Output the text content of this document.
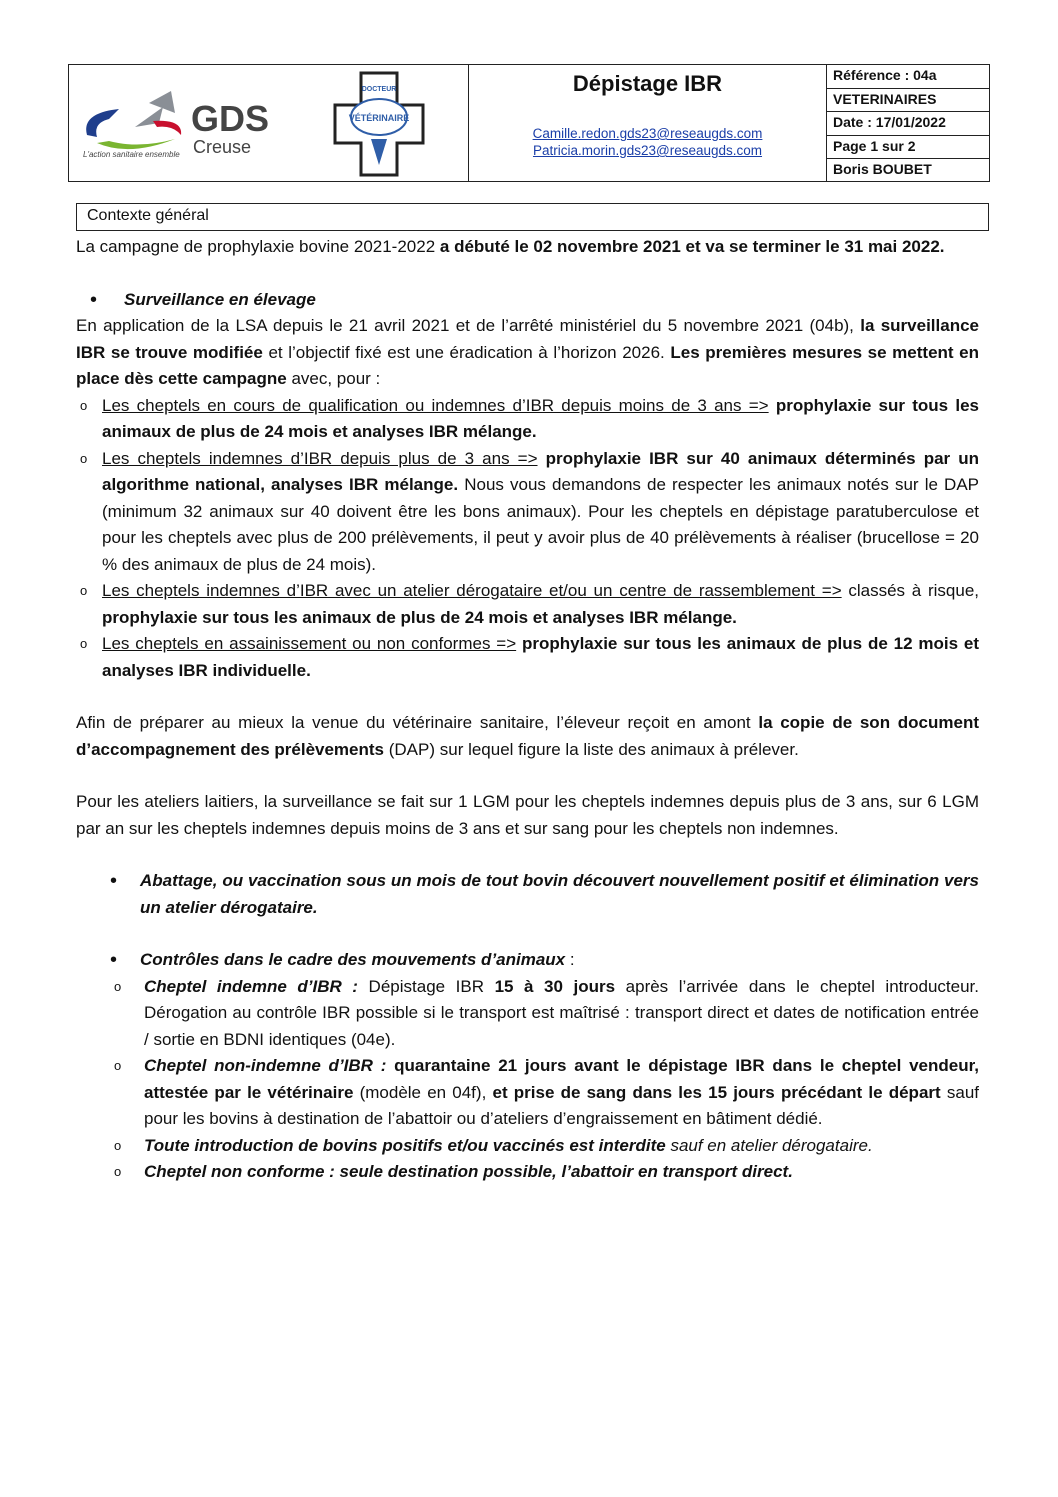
GDS
Creuse
L'action sanitaire ensemble
DOCTEUR
VÉTÉRINAIRE
Dépistage IBR
Camille.redon.gds23@reseaugds.com
Patricia.morin.gds23@reseaugds.com
Référence : 04a
VETERINAIRES
Date : 17/01/2022
Page 1 sur 2
Boris BOUBET
Contexte général

La campagne de prophylaxie bovine 2021-2022 a débuté le 02 novembre 2021 et va se terminer le 31 mai 2022.

• Surveillance en élevage

En application de la LSA depuis le 21 avril 2021 et de l’arrêté ministériel du 5 novembre 2021 (04b), la surveillance IBR se trouve modifiée et l’objectif fixé est une éradication à l’horizon 2026. Les premières mesures se mettent en place dès cette campagne avec, pour :

o Les cheptels en cours de qualification ou indemnes d’IBR depuis moins de 3 ans => prophylaxie sur tous les animaux de plus de 24 mois et analyses IBR mélange.

o Les cheptels indemnes d’IBR depuis plus de 3 ans => prophylaxie IBR sur 40 animaux déterminés par un algorithme national, analyses IBR mélange. Nous vous demandons de respecter les animaux notés sur le DAP (minimum 32 animaux sur 40 doivent être les bons animaux). Pour les cheptels en dépistage paratuberculose et pour les cheptels avec plus de 200 prélèvements, il peut y avoir plus de 40 prélèvements à réaliser (brucellose = 20 % des animaux de plus de 24 mois).

o Les cheptels indemnes d’IBR avec un atelier dérogataire et/ou un centre de rassemblement => classés à risque, prophylaxie sur tous les animaux de plus de 24 mois et analyses IBR mélange.

o Les cheptels en assainissement ou non conformes => prophylaxie sur tous les animaux de plus de 12 mois et analyses IBR individuelle.

Afin de préparer au mieux la venue du vétérinaire sanitaire, l’éleveur reçoit en amont la copie de son document d’accompagnement des prélèvements (DAP) sur lequel figure la liste des animaux à prélever.

Pour les ateliers laitiers, la surveillance se fait sur 1 LGM pour les cheptels indemnes depuis plus de 3 ans, sur 6 LGM par an sur les cheptels indemnes depuis moins de 3 ans et sur sang pour les cheptels non indemnes.

• Abattage, ou vaccination sous un mois de tout bovin découvert nouvellement positif et élimination vers un atelier dérogataire.

• Contrôles dans le cadre des mouvements d’animaux :

o Cheptel indemne d’IBR : Dépistage IBR 15 à 30 jours après l’arrivée dans le cheptel introducteur. Dérogation au contrôle IBR possible si le transport est maîtrisé : transport direct et dates de notification entrée / sortie en BDNI identiques (04e).

o Cheptel non-indemne d’IBR : quarantaine 21 jours avant le dépistage IBR dans le cheptel vendeur, attestée par le vétérinaire (modèle en 04f), et prise de sang dans les 15 jours précédant le départ sauf pour les bovins à destination de l’abattoir ou d’ateliers d’engraissement en bâtiment dédié.

o Toute introduction de bovins positifs et/ou vaccinés est interdite sauf en atelier dérogataire.

o Cheptel non conforme : seule destination possible, l’abattoir en transport direct.
